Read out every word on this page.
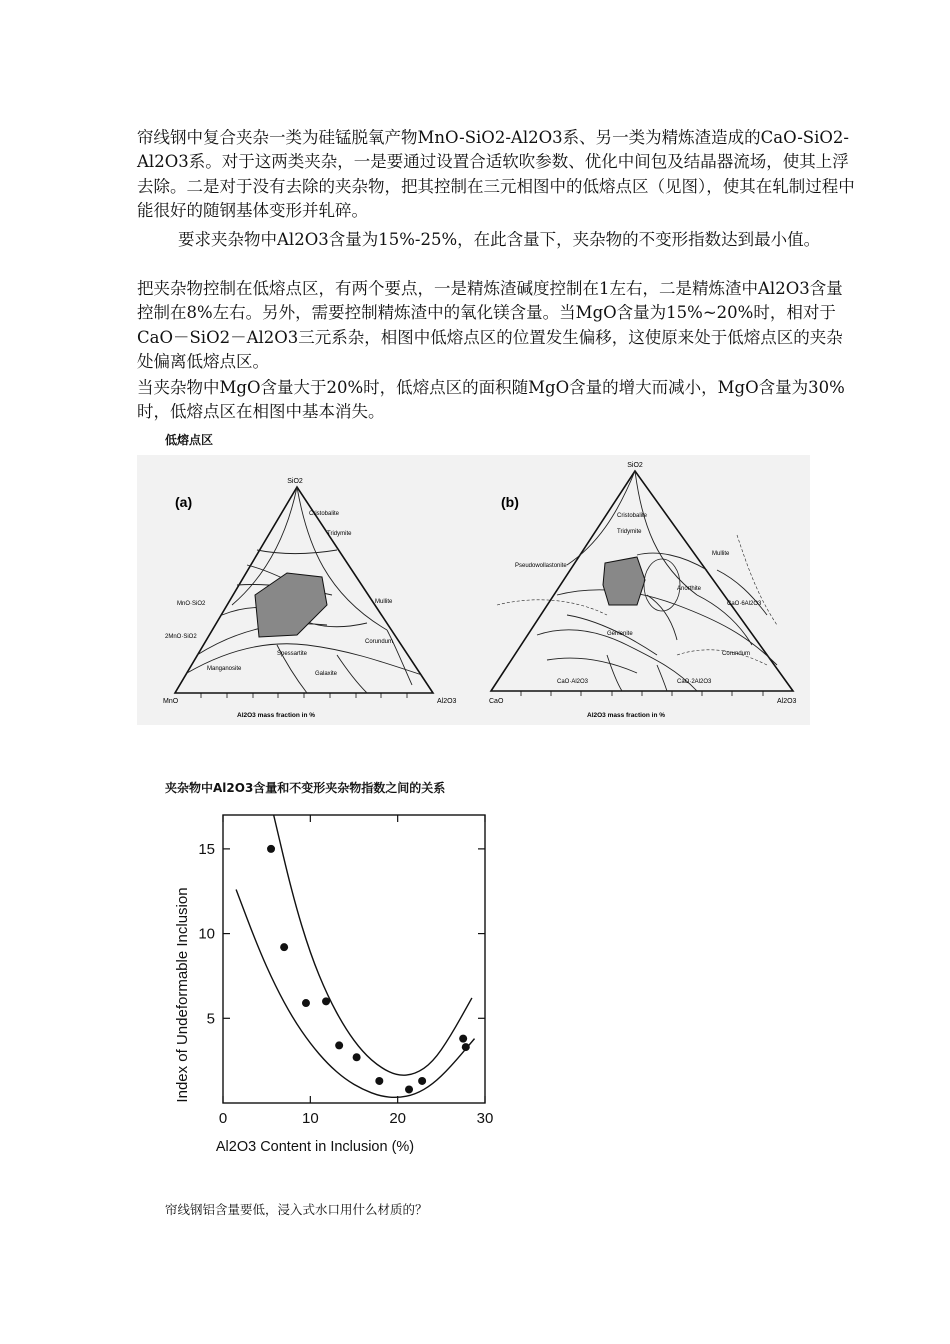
帘线钢中复合夹杂一类为硅锰脱氧产物MnO-SiO2-Al2O3系、另一类为精炼渣造成的CaO-SiO2-Al2O3系。对于这两类夹杂，一是要通过设置合适软吹参数、优化中间包及结晶器流场，使其上浮去除。二是对于没有去除的夹杂物，把其控制在三元相图中的低熔点区（见图），使其在轧制过程中能很好的随钢基体变形并轧碎。

要求夹杂物中Al2O3含量为15%-25%，在此含量下，夹杂物的不变形指数达到最小值。

把夹杂物控制在低熔点区，有两个要点，一是精炼渣碱度控制在1左右，二是精炼渣中Al2O3含量控制在8%左右。另外，需要控制精炼渣中的氧化镁含量。当MgO含量为15%~20%时，相对于CaO－SiO2－Al2O3三元系杂，相图中低熔点区的位置发生偏移，这使原来处于低熔点区的夹杂处偏离低熔点区。

当夹杂物中MgO含量大于20%时，低熔点区的面积随MgO含量的增大而减小，MgO含量为30%时，低熔点区在相图中基本消失。

低熔点区
(a)
SiO2
MnO	Al2O3
2MnO·SiO2
MnO·SiO2
Manganosite
Tridymite
Cristobalite
Spessartite
Corundum
Mullite
Galaxite
Al2O3 mass fraction in %
(b)
SiO2
CaO	Al2O3
Cristobalite
Tridymite
Pseudowollastonite
Anorthite
Mullite
Gehlenite
Corundum
CaO·Al2O3	CaO·2Al2O3
CaO·6Al2O3
Al2O3 mass fraction in %
夹杂物中Al2O3含量和不变形夹杂物指数之间的关系
0	10	20	30
5
10
15
Index of Undeformable Inclusion
Al2O3 Content in Inclusion (%)
帘线钢铝含量要低，浸入式水口用什么材质的？
